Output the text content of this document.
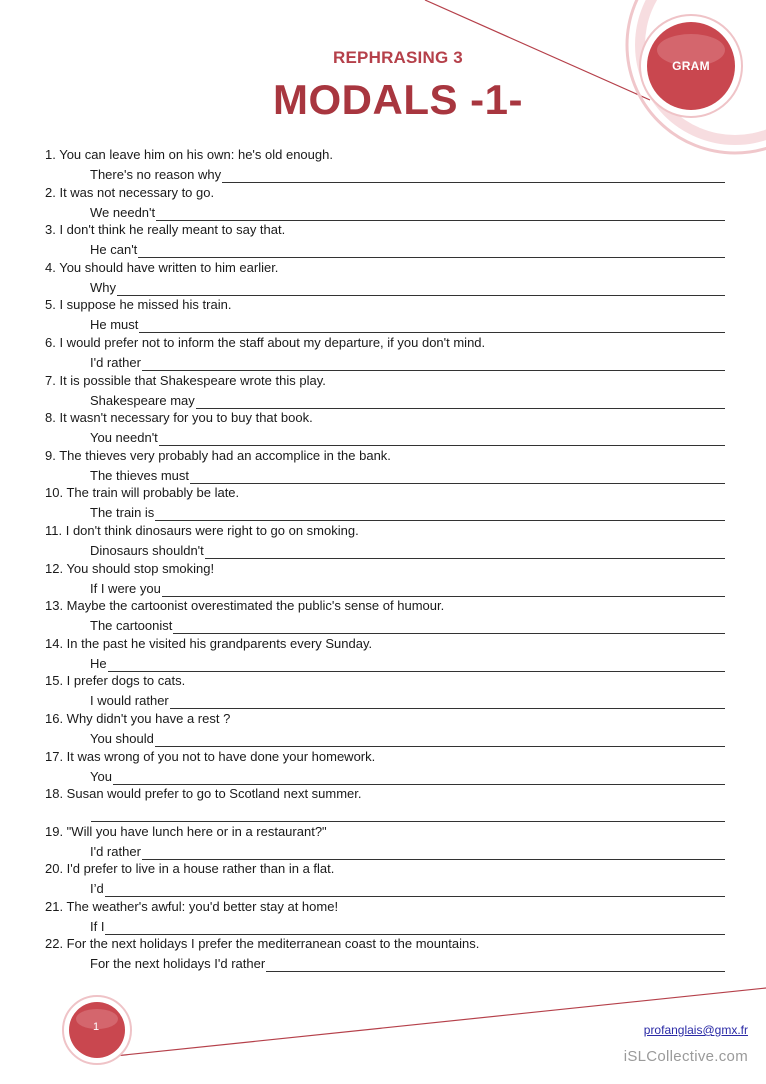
GRAM
REPHRASING 3
MODALS -1-
1. You can leave him on his own: he's old enough.
There's no reason why
2. It was not necessary to go.
We needn't
3. I don't think he really meant to say that.
He can't
4. You should have written to him earlier.
Why
5. I suppose he missed his train.
He must
6. I would prefer not to inform the staff about my departure, if you don't mind.
I'd rather
7. It is possible that Shakespeare wrote this play.
Shakespeare may
8. It wasn't necessary for you to buy that book.
You needn't
9. The thieves very probably had an accomplice in the bank.
The thieves must
10. The train will probably be late.
The train is
11. I don't think dinosaurs were right to go on smoking.
Dinosaurs shouldn't
12. You should stop smoking!
If I were you
13. Maybe the cartoonist overestimated the public's sense of humour.
The cartoonist
14. In the past he visited his grandparents every Sunday.
He
15. I prefer dogs to cats.
I would rather
16. Why didn't you have a rest ?
You should
17. It was wrong of you not to have done your homework.
You
18. Susan would prefer to go to Scotland next summer.
19. "Will you have lunch here or in a restaurant?"
I'd rather
20. I'd prefer to live in a house rather than in a flat.
I’d
21. The weather's awful: you'd better stay at home!
If I
22. For the next holidays I prefer the mediterranean coast to the mountains.
For the next holidays I'd rather
1	profanglais@gmx.fr
iSLCollective.com
